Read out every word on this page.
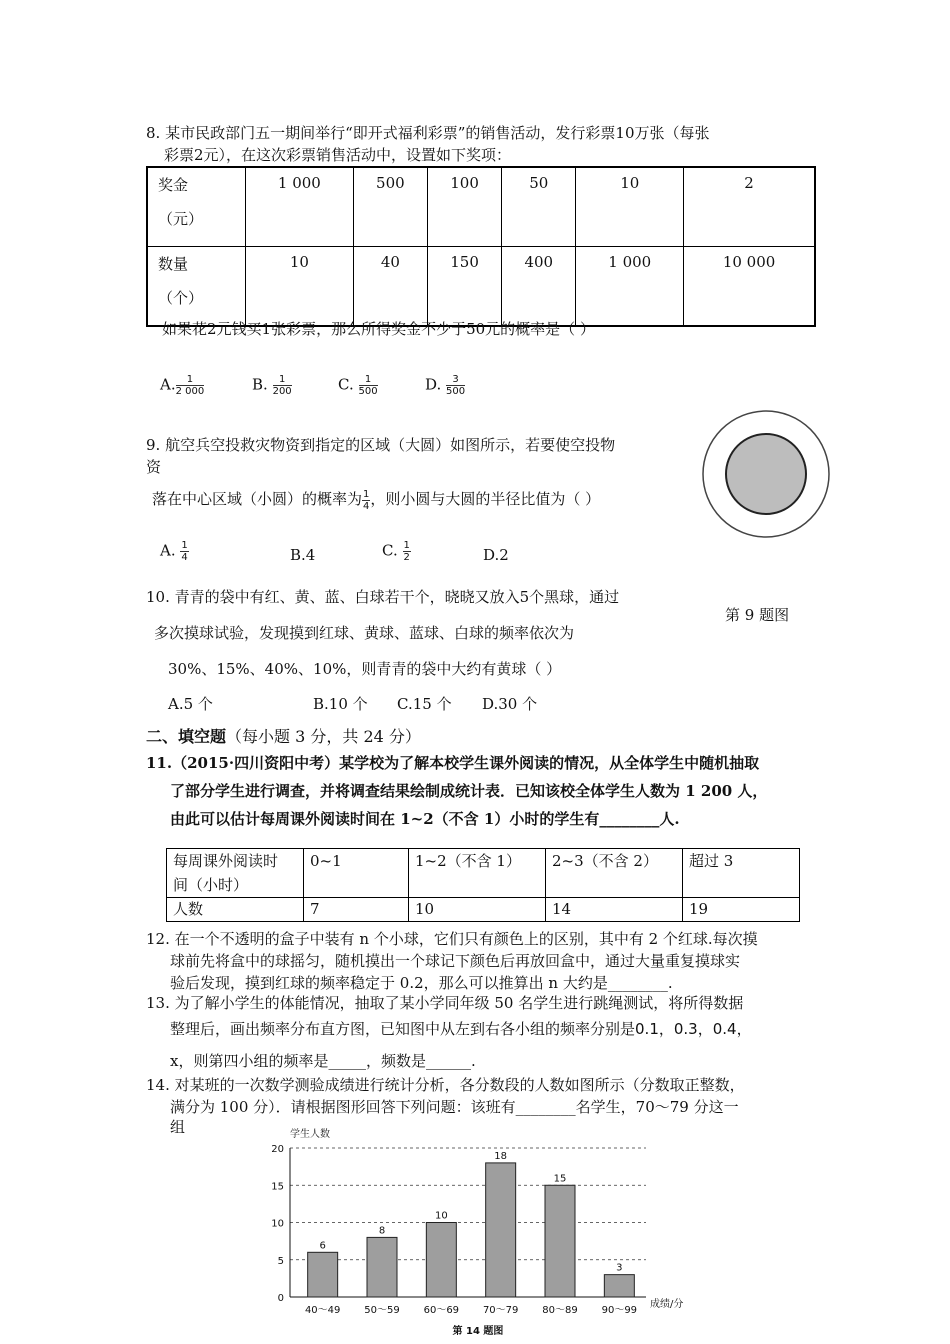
8. 某市民政部门五一期间举行“即开式福利彩票”的销售活动，发行彩票10万张（每张
彩票2元），在这次彩票销售活动中，设置如下奖项：
奖金
（元）	1 000	500	100	50	10	2
数量
（个）	10	40	150	400	1 000	10 000
如果花2元钱买1张彩票，那么所得奖金不少于50元的概率是（ ）
A. $\frac{1}{2 000}$	B. $\frac{1}{200}$	C. $\frac{1}{500}$	D. $\frac{3}{500}$
9. 航空兵空投救灾物资到指定的区域（大圆）如图所示，若要使空投物
资
落在中心区域（小圆）的概率为 $\frac{1}{4}$ ，则小圆与大圆的半径比值为（ ）
A. $\frac{1}{4}$	B.4	C. $\frac{1}{2}$	D.2
第 9 题图
10. 青青的袋中有红、黄、蓝、白球若干个，晓晓又放入5个黑球，通过
多次摸球试验，发现摸到红球、黄球、蓝球、白球的频率依次为
30%、15%、40%、10%，则青青的袋中大约有黄球（ ）
A.5 个	B.10 个 C.15 个 D.30 个
二、填空题（每小题 3 分，共 24 分）
11.（2015·四川资阳中考）某学校为了解本校学生课外阅读的情况，从全体学生中随机抽取
了部分学生进行调查，并将调查结果绘制成统计表．已知该校全体学生人数为 1 200 人，
由此可以估计每周课外阅读时间在 1~2（不含 1）小时的学生有________人.
每周课外阅读时
间（小时）	0~1	1~2（不含 1）	2~3（不含 2）	超过 3
人数	7	10	14	19
12. 在一个不透明的盒子中装有 n 个小球，它们只有颜色上的区别，其中有 2 个红球.每次摸
球前先将盒中的球摇匀，随机摸出一个球记下颜色后再放回盒中，通过大量重复摸球实
验后发现，摸到红球的频率稳定于 0.2，那么可以推算出 n 大约是________.
13. 为了解小学生的体能情况，抽取了某小学同年级 50 名学生进行跳绳测试，将所得数据
整理后，画出频率分布直方图，已知图中从左到右各小组的频率分别是0.1，0.3，0.4，
x，则第四小组的频率是_____，频数是______.
14. 对某班的一次数学测验成绩进行统计分析，各分数段的人数如图所示（分数取正整数，
满分为 100 分）．请根据图形回答下列问题：该班有________名学生，70～79 分这一
组	学生人数
0
5
10
15
20
6
40～49
8
50～59
10
60～69
18
70～79
15
80～89
3
90～99
成绩/分
第 14 题图
